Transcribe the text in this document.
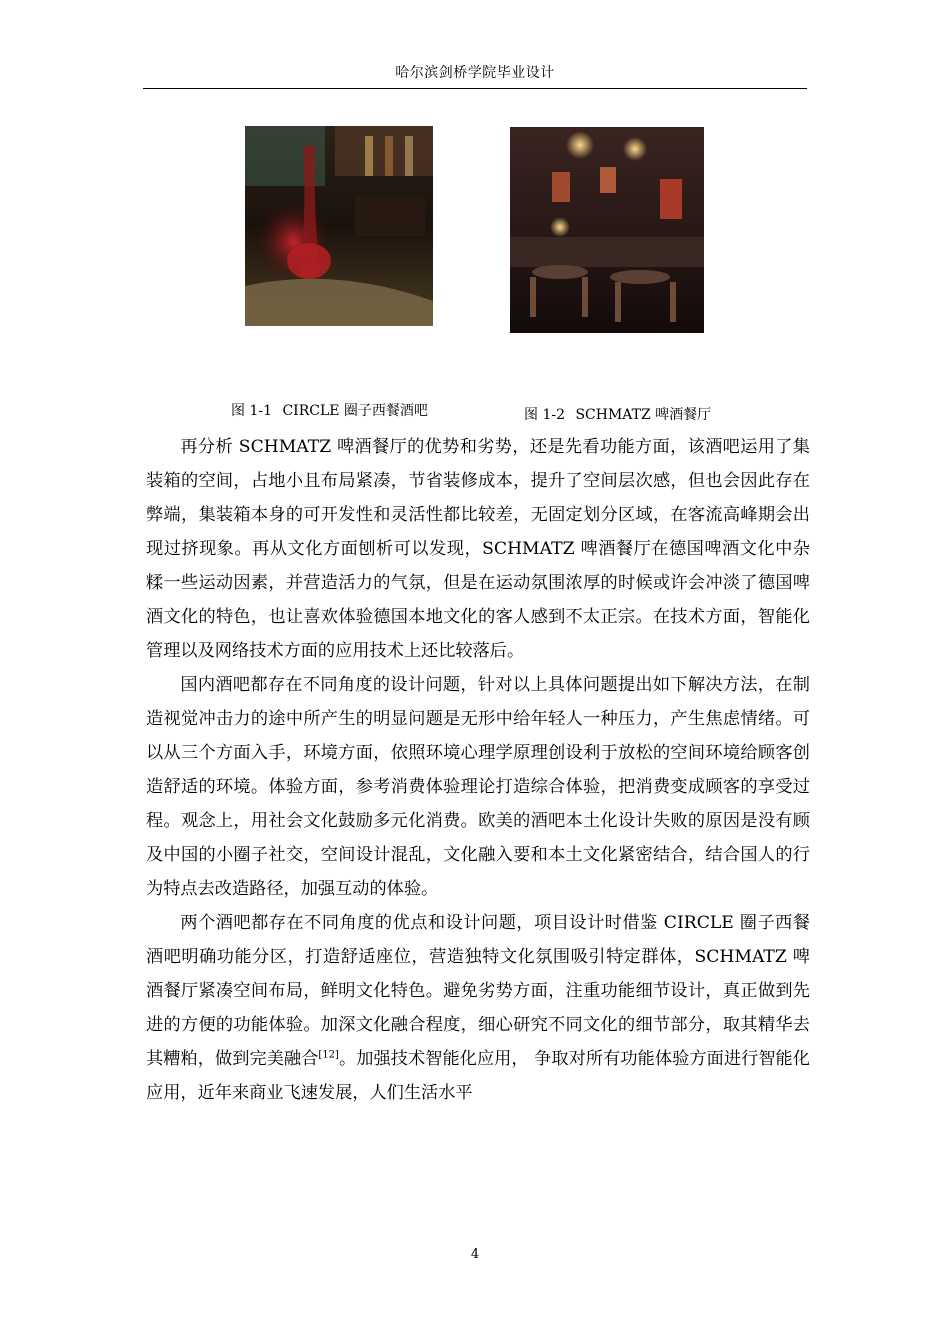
哈尔滨剑桥学院毕业设计
图 1-1 CIRCLE 圈子西餐酒吧	图 1-2 SCHMATZ 啤酒餐厅

再分析 SCHMATZ 啤酒餐厅的优势和劣势，还是先看功能方面，该酒吧运用了集装箱的空间，占地小且布局紧凑，节省装修成本，提升了空间层次感，但也会因此存在弊端，集装箱本身的可开发性和灵活性都比较差，无固定划分区域，在客流高峰期会出现过挤现象。再从文化方面刨析可以发现，SCHMATZ 啤酒餐厅在德国啤酒文化中杂糅一些运动因素，并营造活力的气氛，但是在运动氛围浓厚的时候或许会冲淡了德国啤酒文化的特色，也让喜欢体验德国本地文化的客人感到不太正宗。在技术方面，智能化管理以及网络技术方面的应用技术上还比较落后。

国内酒吧都存在不同角度的设计问题，针对以上具体问题提出如下解决方法，在制造视觉冲击力的途中所产生的明显问题是无形中给年轻人一种压力，产生焦虑情绪。可以从三个方面入手，环境方面，依照环境心理学原理创设利于放松的空间环境给顾客创造舒适的环境。体验方面，参考消费体验理论打造综合体验，把消费变成顾客的享受过程。观念上，用社会文化鼓励多元化消费。欧美的酒吧本土化设计失败的原因是没有顾及中国的小圈子社交，空间设计混乱，文化融入要和本土文化紧密结合，结合国人的行为特点去改造路径，加强互动的体验。

两个酒吧都存在不同角度的优点和设计问题，项目设计时借鉴 CIRCLE 圈子西餐酒吧明确功能分区，打造舒适座位，营造独特文化氛围吸引特定群体，SCHMATZ 啤酒餐厅紧凑空间布局，鲜明文化特色。避免劣势方面，注重功能细节设计，真正做到先进的方便的功能体验。加深文化融合程度，细心研究不同文化的细节部分，取其精华去其糟粕，做到完美融合[12]。加强技术智能化应用， 争取对所有功能体验方面进行智能化应用，近年来商业飞速发展，人们生活水平

4
